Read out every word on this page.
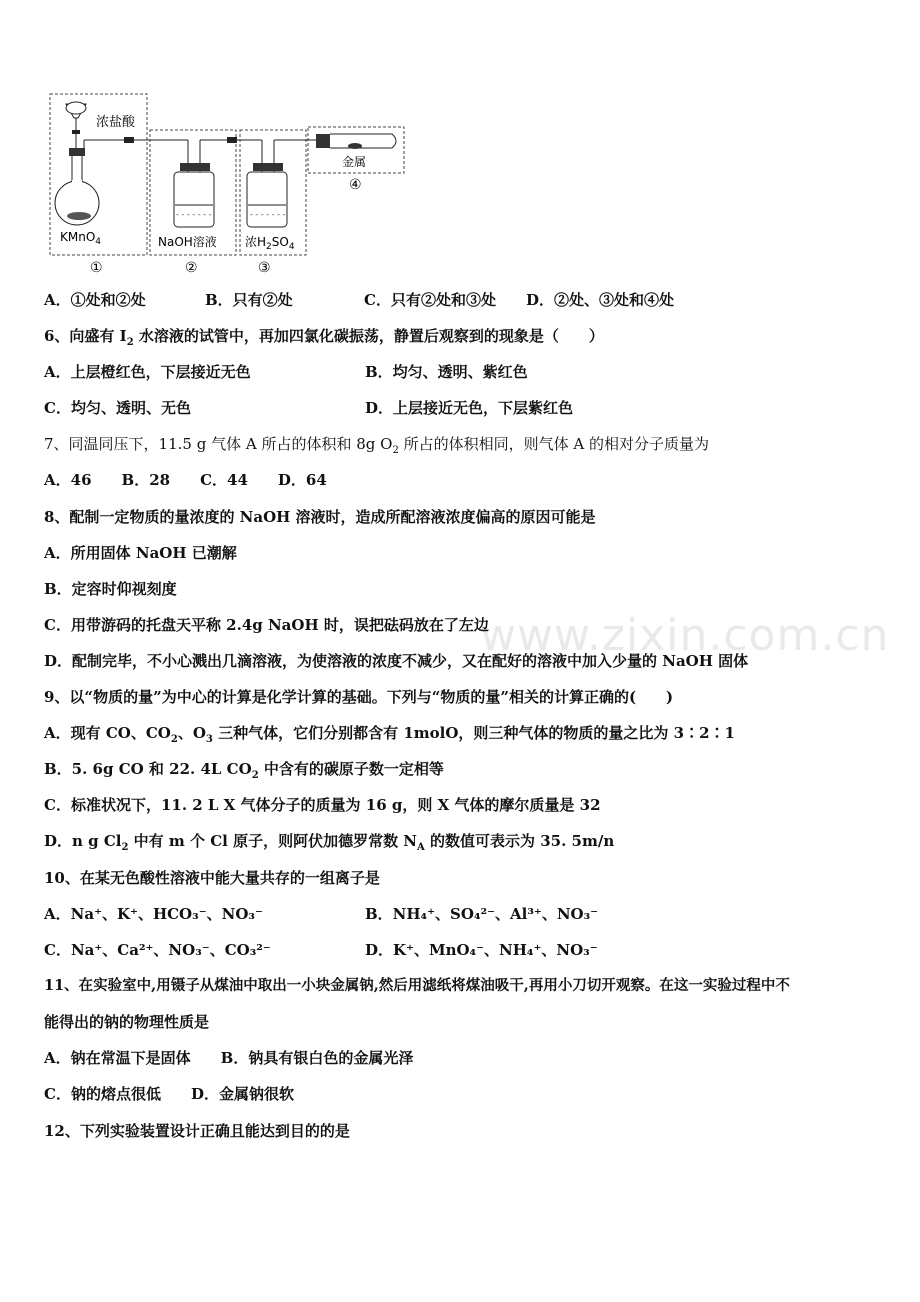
浓盐酸
KMnO$_4$
- - - - - - -
NaOH溶液
- - - - - - -
浓$H_2SO_4$
金属
①	②	③
④
www.zixin.com.cn
A．①处和②处	B．只有②处	C．只有②处和③处 D．②处、③处和④处
6、向盛有 $I_2$ 水溶液的试管中，再加四氯化碳振荡，静置后观察到的现象是（　　）
A．上层橙红色，下层接近无色	B．均匀、透明、紫红色
C．均匀、透明、无色	D．上层接近无色，下层紫红色
7、同温同压下，11.5 g 气体 A 所占的体积和 8g $O_2$ 所占的体积相同，则气体 A 的相对分子质量为
A．46　　B．28　　C．44　　D．64
8、配制一定物质的量浓度的 NaOH 溶液时，造成所配溶液浓度偏高的原因可能是
A．所用固体 NaOH 已潮解
B．定容时仰视刻度
C．用带游码的托盘天平称 2.4g NaOH 时，误把砝码放在了左边
D．配制完毕，不小心溅出几滴溶液，为使溶液的浓度不减少，又在配好的溶液中加入少量的 NaOH 固体
9、以“物质的量”为中心的计算是化学计算的基础。下列与“物质的量”相关的计算正确的(　　)
A．现有 CO、$CO_2$、$O_3$ 三种气体，它们分别都含有 1molO，则三种气体的物质的量之比为 3∶2∶1
B．5. 6g CO 和 22. 4L $CO_2$ 中含有的碳原子数一定相等
C．标准状况下，11. 2 L X 气体分子的质量为 16 g，则 X 气体的摩尔质量是 32
D．n g $Cl_2$ 中有 m 个 Cl 原子，则阿伏加德罗常数 $N_A$ 的数值可表示为 35. 5m/n
10、在某无色酸性溶液中能大量共存的一组离子是
A．Na⁺、K⁺、HCO₃⁻、NO₃⁻	B．NH₄⁺、SO₄²⁻、Al³⁺、NO₃⁻
C．Na⁺、Ca²⁺、NO₃⁻、CO₃²⁻	D．K⁺、MnO₄⁻、NH₄⁺、NO₃⁻
11、在实验室中,用镊子从煤油中取出一小块金属钠,然后用滤纸将煤油吸干,再用小刀切开观察。在这一实验过程中不
能得出的钠的物理性质是
A．钠在常温下是固体　　B．钠具有银白色的金属光泽
C．钠的熔点很低　　D．金属钠很软
12、下列实验装置设计正确且能达到目的的是
